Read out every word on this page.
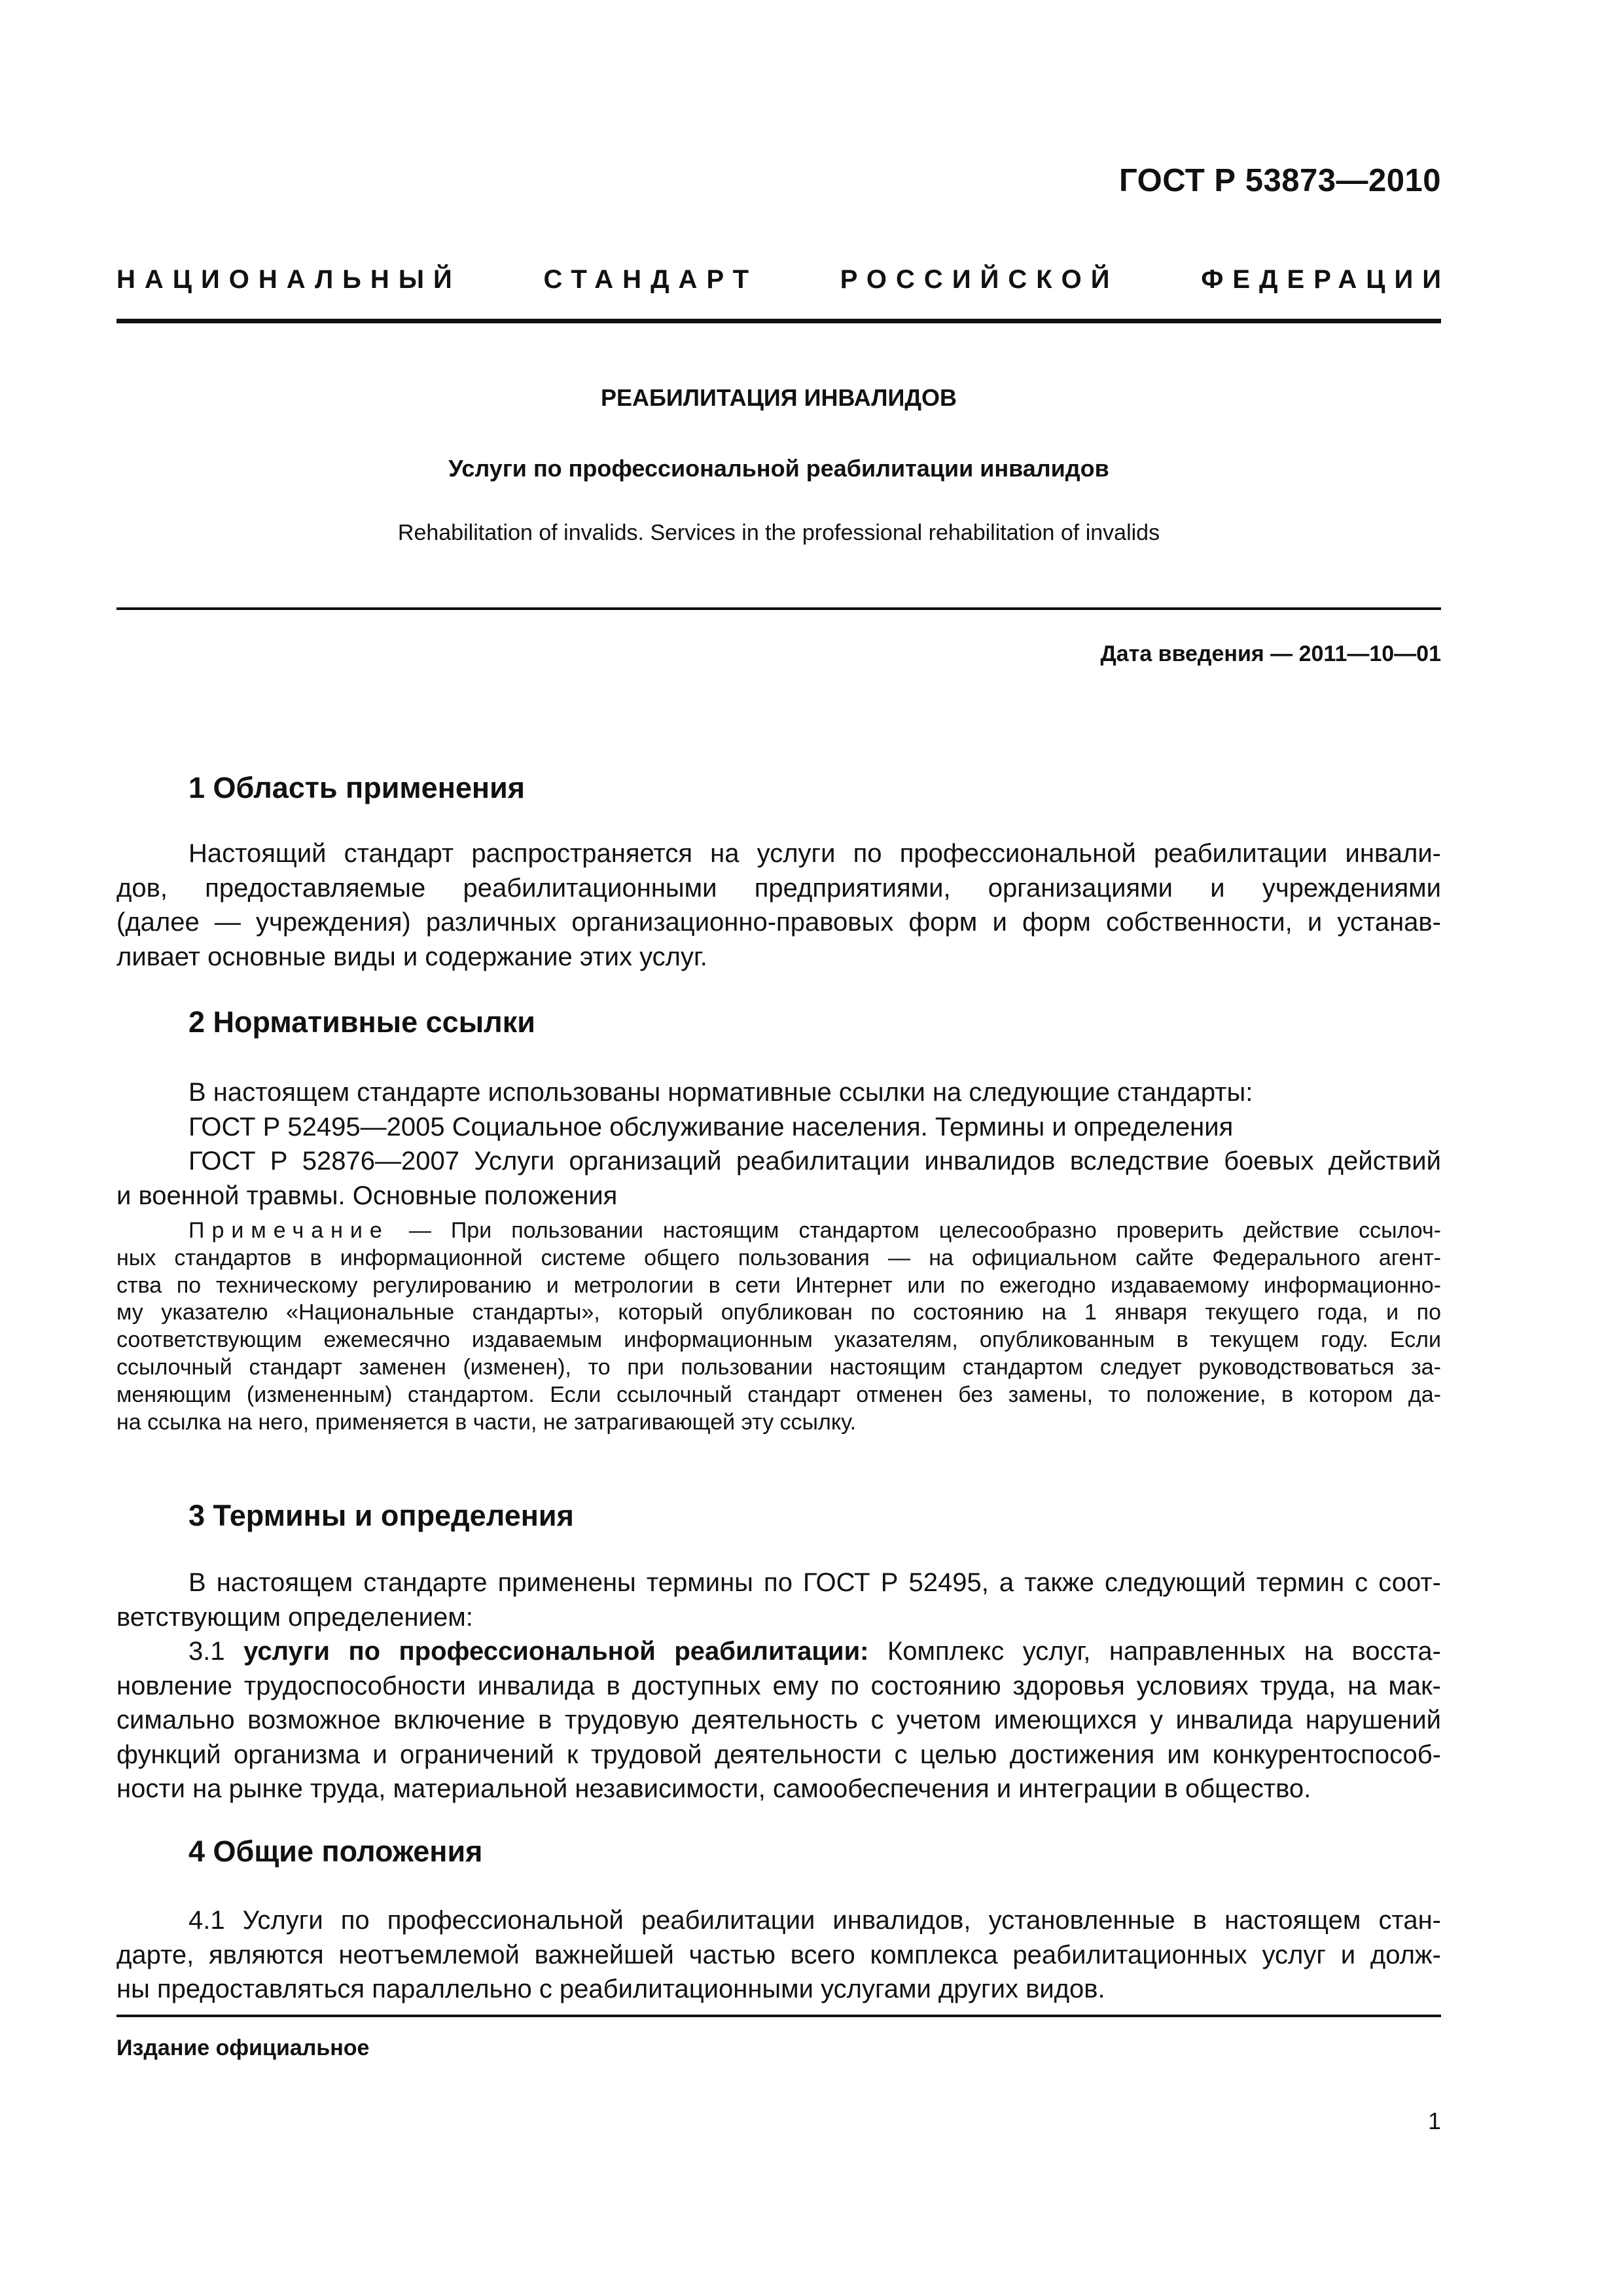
ГОСТ Р 53873—2010
НАЦИОНАЛЬНЫЙ	СТАНДАРТ	РОССИЙСКОЙ	ФЕДЕРАЦИИ
РЕАБИЛИТАЦИЯ ИНВАЛИДОВ
Услуги по профессиональной реабилитации инвалидов
Rehabilitation of invalids. Services in the professional rehabilitation of invalids
Дата введения — 2011—10—01
1 Область применения
Настоящий стандарт распространяется на услуги по профессиональной реабилитации инвали-
дов, предоставляемые реабилитационными предприятиями, организациями и учреждениями
(далее — учреждения) различных организационно-правовых форм и форм собственности, и устанав-
ливает основные виды и содержание этих услуг.
2 Нормативные ссылки
В настоящем стандарте использованы нормативные ссылки на следующие стандарты:
ГОСТ Р 52495—2005 Социальное обслуживание населения. Термины и определения
ГОСТ Р 52876—2007 Услуги организаций реабилитации инвалидов вследствие боевых действий
и военной травмы. Основные положения
Примечание — При пользовании настоящим стандартом целесообразно проверить действие ссылоч-
ных стандартов в информационной системе общего пользования — на официальном сайте Федерального агент-
ства по техническому регулированию и метрологии в сети Интернет или по ежегодно издаваемому информационно-
му указателю «Национальные стандарты», который опубликован по состоянию на 1 января текущего года, и по
соответствующим ежемесячно издаваемым информационным указателям, опубликованным в текущем году. Если
ссылочный стандарт заменен (изменен), то при пользовании настоящим стандартом следует руководствоваться за-
меняющим (измененным) стандартом. Если ссылочный стандарт отменен без замены, то положение, в котором да-
на ссылка на него, применяется в части, не затрагивающей эту ссылку.
3 Термины и определения
В настоящем стандарте применены термины по ГОСТ Р 52495, а также следующий термин с соот-
ветствующим определением:
3.1 услуги по профессиональной реабилитации: Комплекс услуг, направленных на восста-
новление трудоспособности инвалида в доступных ему по состоянию здоровья условиях труда, на мак-
симально возможное включение в трудовую деятельность с учетом имеющихся у инвалида нарушений
функций организма и ограничений к трудовой деятельности с целью достижения им конкурентоспособ-
ности на рынке труда, материальной независимости, самообеспечения и интеграции в общество.
4 Общие положения
4.1 Услуги по профессиональной реабилитации инвалидов, установленные в настоящем стан-
дарте, являются неотъемлемой важнейшей частью всего комплекса реабилитационных услуг и долж-
ны предоставляться параллельно с реабилитационными услугами других видов.
Издание официальное
1
